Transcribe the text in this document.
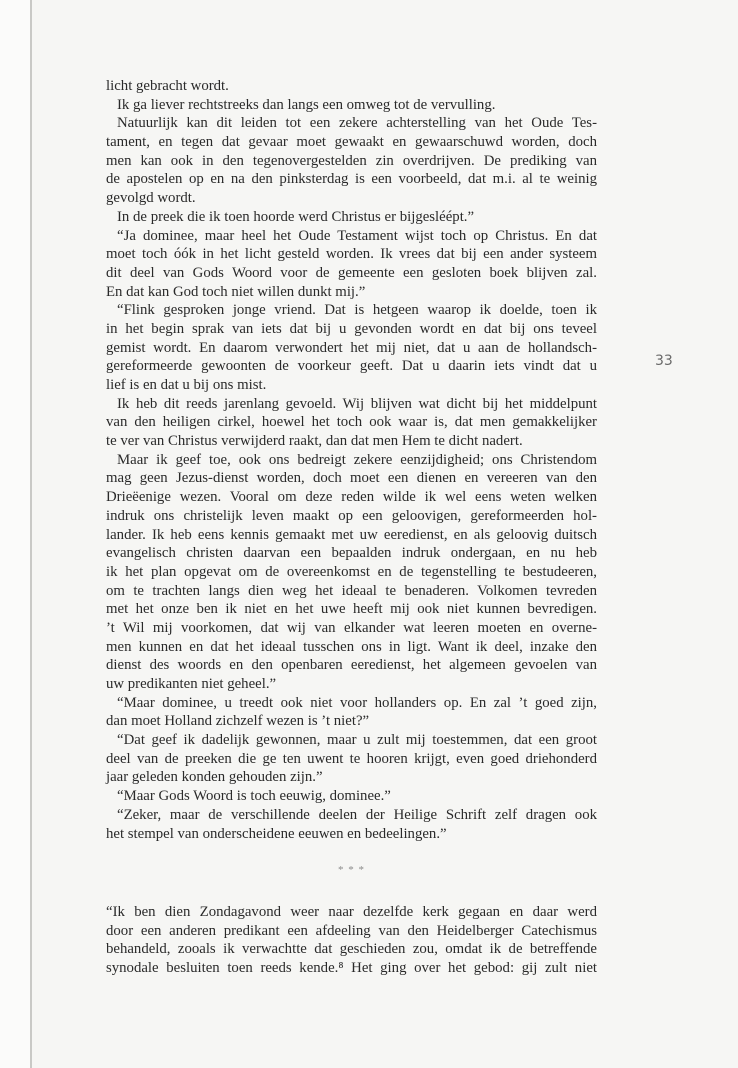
33
licht gebracht wordt.
Ik ga liever rechtstreeks dan langs een omweg tot de vervulling.
Natuurlijk kan dit leiden tot een zekere achterstelling van het Oude Tes-
tament, en tegen dat gevaar moet gewaakt en gewaarschuwd worden, doch
men kan ook in den tegenovergestelden zin overdrijven. De prediking van
de apostelen op en na den pinksterdag is een voorbeeld, dat m.i. al te weinig
gevolgd wordt.
In de preek die ik toen hoorde werd Christus er bijgesléépt.”
“Ja dominee, maar heel het Oude Testament wijst toch op Christus. En dat
moet toch óók in het licht gesteld worden. Ik vrees dat bij een ander systeem
dit deel van Gods Woord voor de gemeente een gesloten boek blijven zal.
En dat kan God toch niet willen dunkt mij.”
“Flink gesproken jonge vriend. Dat is hetgeen waarop ik doelde, toen ik
in het begin sprak van iets dat bij u gevonden wordt en dat bij ons teveel
gemist wordt. En daarom verwondert het mij niet, dat u aan de hollandsch-
gereformeerde gewoonten de voorkeur geeft. Dat u daarin iets vindt dat u
lief is en dat u bij ons mist.
Ik heb dit reeds jarenlang gevoeld. Wij blijven wat dicht bij het middelpunt
van den heiligen cirkel, hoewel het toch ook waar is, dat men gemakkelijker
te ver van Christus verwijderd raakt, dan dat men Hem te dicht nadert.
Maar ik geef toe, ook ons bedreigt zekere eenzijdigheid; ons Christendom
mag geen Jezus-dienst worden, doch moet een dienen en vereeren van den
Drieëenige wezen. Vooral om deze reden wilde ik wel eens weten welken
indruk ons christelijk leven maakt op een geloovigen, gereformeerden hol-
lander. Ik heb eens kennis gemaakt met uw eeredienst, en als geloovig duitsch
evangelisch christen daarvan een bepaalden indruk ondergaan, en nu heb
ik het plan opgevat om de overeenkomst en de tegenstelling te bestudeeren,
om te trachten langs dien weg het ideaal te benaderen. Volkomen tevreden
met het onze ben ik niet en het uwe heeft mij ook niet kunnen bevredigen.
’t Wil mij voorkomen, dat wij van elkander wat leeren moeten en overne-
men kunnen en dat het ideaal tusschen ons in ligt. Want ik deel, inzake den
dienst des woords en den openbaren eeredienst, het algemeen gevoelen van
uw predikanten niet geheel.”
“Maar dominee, u treedt ook niet voor hollanders op. En zal ’t goed zijn,
dan moet Holland zichzelf wezen is ’t niet?”
“Dat geef ik dadelijk gewonnen, maar u zult mij toestemmen, dat een groot
deel van de preeken die ge ten uwent te hooren krijgt, even goed driehonderd
jaar geleden konden gehouden zijn.”
“Maar Gods Woord is toch eeuwig, dominee.”
“Zeker, maar de verschillende deelen der Heilige Schrift zelf dragen ook
het stempel van onderscheidene eeuwen en bedeelingen.”
* * *
“Ik ben dien Zondagavond weer naar dezelfde kerk gegaan en daar werd
door een anderen predikant een afdeeling van den Heidelberger Catechismus
behandeld, zooals ik verwachtte dat geschieden zou, omdat ik de betreffende
synodale besluiten toen reeds kende.⁸ Het ging over het gebod: gij zult niet
